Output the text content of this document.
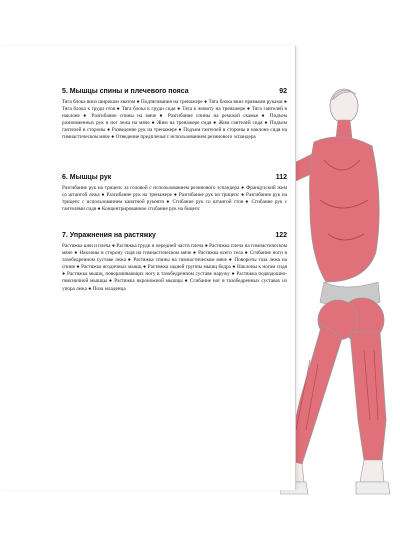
5. Мышцы спины и плечевого пояса	92

Тяга блока вниз широким хватом ● Подтягивания на тренажере ● Тяга блока вниз прямыми руками ● Тяга блока к груди стоя ● Тяга блока к груди сидя ● Тяга к животу на тренажере ● Тяга гантелей в наклоне ● Разгибание спины на мяче ● Разгибание спины на ремской скамье ● Подъем разноименных рук и ног лежа на мяче ● Жим на тренажере сидя ● Жим гантелей сидя ● Подъем гантелей в стороны ● Разведение рук на тренажере ● Подъем гантелей в стороны в наклоне сидя на гимнастическом мяче ● Отведение предплечья с использованием резинового эспандера

6. Мышцы рук	112

Разгибание рук на трицепс за головой с использованием резинового эспандера ● Французский жим со штангой лежа ● Разгибание рук на тренажере ● Разгибание рук на трицепс ● Разгибание рук на трицепс с использованием канатной рукояти ● Сгибание рук со штангой стоя ● Сгибание рук с гантелями сидя ● Концентрированное сгибание рук на бицепс

7. Упражнения на растяжку	122

Растяжка шеи и плеча ● Растяжка груди и передней части плеча ● Растяжка плеча на гимнастическом мяче ● Наклоны в сторону сидя на гимнастическом мяче ● Растяжка всего тела ● Сгибание ноги в тазобедренном суставе лежа ● Растяжка спины на гимнастическом мяче ● Повороты таза лежа на спине ● Растяжка ягодичных мышц ● Растяжка задней группы мышц бедра ● Наклоны к ногам сидя ● Растяжка мышц, поворачивающих ногу в тазобедренном суставе наружу ● Растяжка подвздошно-поясничной мышцы ● Растяжка икроножной мышцы ● Сгибание ног в тазобедренных суставах из упора лежа ● Поза младенца
